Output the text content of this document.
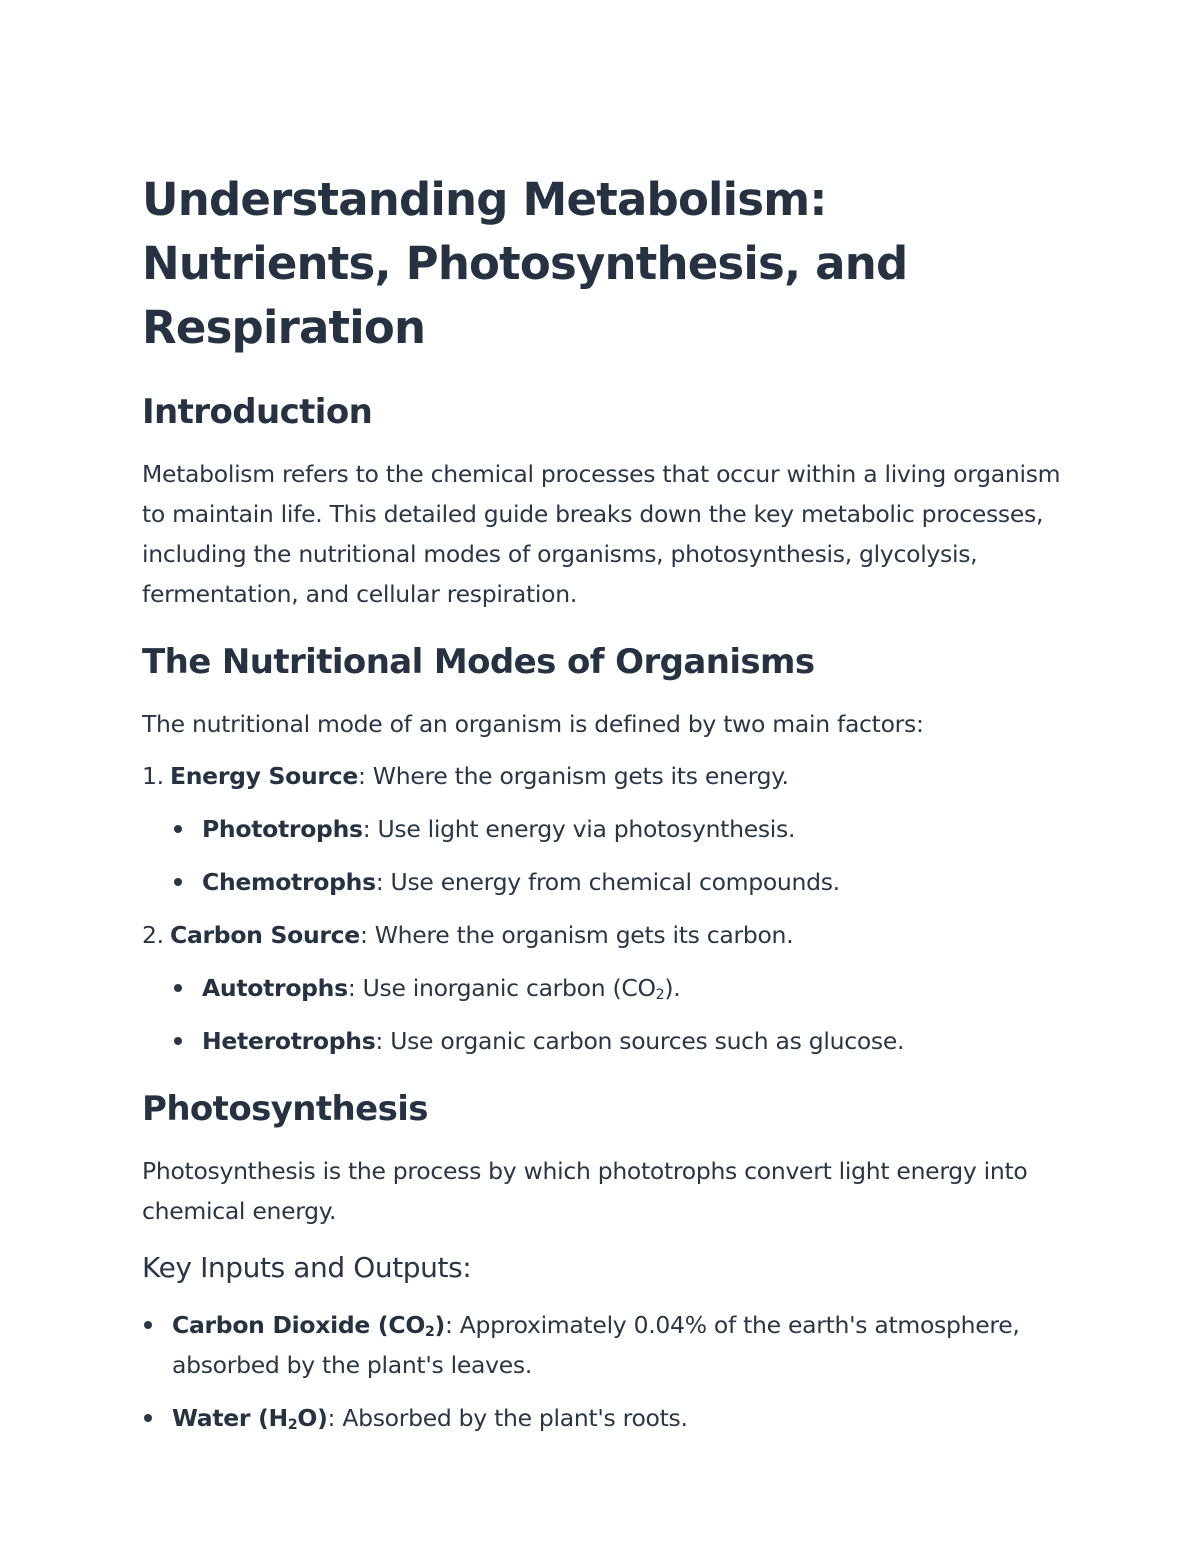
Understanding Metabolism: Nutrients, Photosynthesis, and Respiration
Introduction

Metabolism refers to the chemical processes that occur within a living organism to maintain life. This detailed guide breaks down the key metabolic processes, including the nutritional modes of organisms, photosynthesis, glycolysis, fermentation, and cellular respiration.

The Nutritional Modes of Organisms

The nutritional mode of an organism is defined by two main factors:

1. Energy Source: Where the organism gets its energy.
Phototrophs: Use light energy via photosynthesis.
Chemotrophs: Use energy from chemical compounds.
2. Carbon Source: Where the organism gets its carbon.
Autotrophs: Use inorganic carbon $(CO_2)$.
Heterotrophs: Use organic carbon sources such as glucose.
Photosynthesis

Photosynthesis is the process by which phototrophs convert light energy into chemical energy.

Key Inputs and Outputs:
Carbon Dioxide $(CO_2)$: Approximately 0.04% of the earth's atmosphere, absorbed by the plant's leaves.
Water $(H_2O)$: Absorbed by the plant's roots.
